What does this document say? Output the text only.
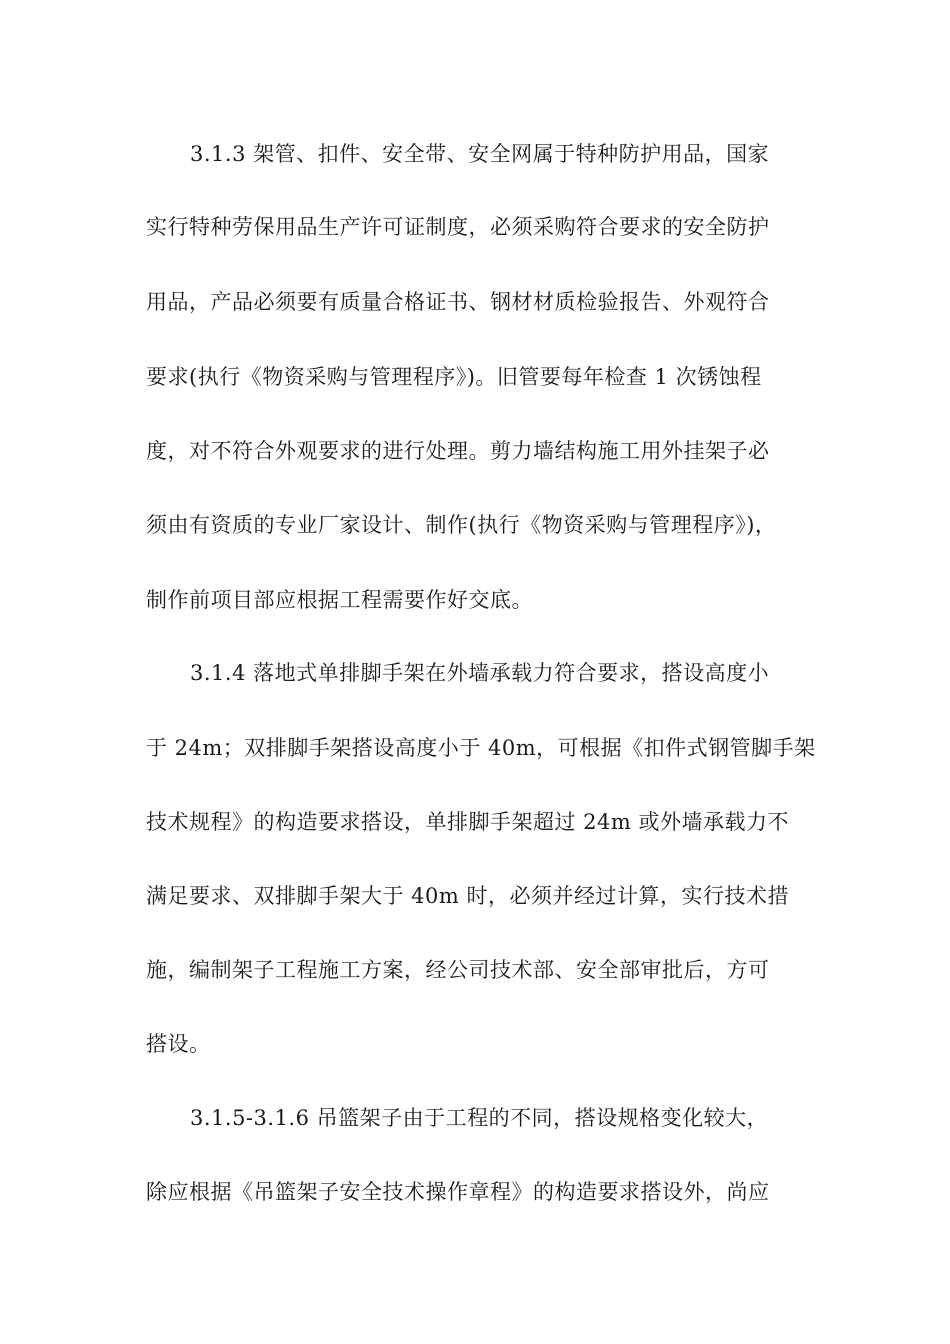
3.1.3 架管、扣件、安全带、安全网属于特种防护用品，国家
实行特种劳保用品生产许可证制度，必须采购符合要求的安全防护
用品，产品必须要有质量合格证书、钢材材质检验报告、外观符合
要求(执行《物资采购与管理程序》)。旧管要每年检查 1 次锈蚀程
度，对不符合外观要求的进行处理。剪力墙结构施工用外挂架子必
须由有资质的专业厂家设计、制作(执行《物资采购与管理程序》)，
制作前项目部应根据工程需要作好交底。
3.1.4 落地式单排脚手架在外墙承载力符合要求，搭设高度小
于 24m；双排脚手架搭设高度小于 40m，可根据《扣件式钢管脚手架
技术规程》的构造要求搭设，单排脚手架超过 24m 或外墙承载力不
满足要求、双排脚手架大于 40m 时，必须并经过计算，实行技术措
施，编制架子工程施工方案，经公司技术部、安全部审批后，方可
搭设。
3.1.5-3.1.6 吊篮架子由于工程的不同，搭设规格变化较大，
除应根据《吊篮架子安全技术操作章程》的构造要求搭设外，尚应
